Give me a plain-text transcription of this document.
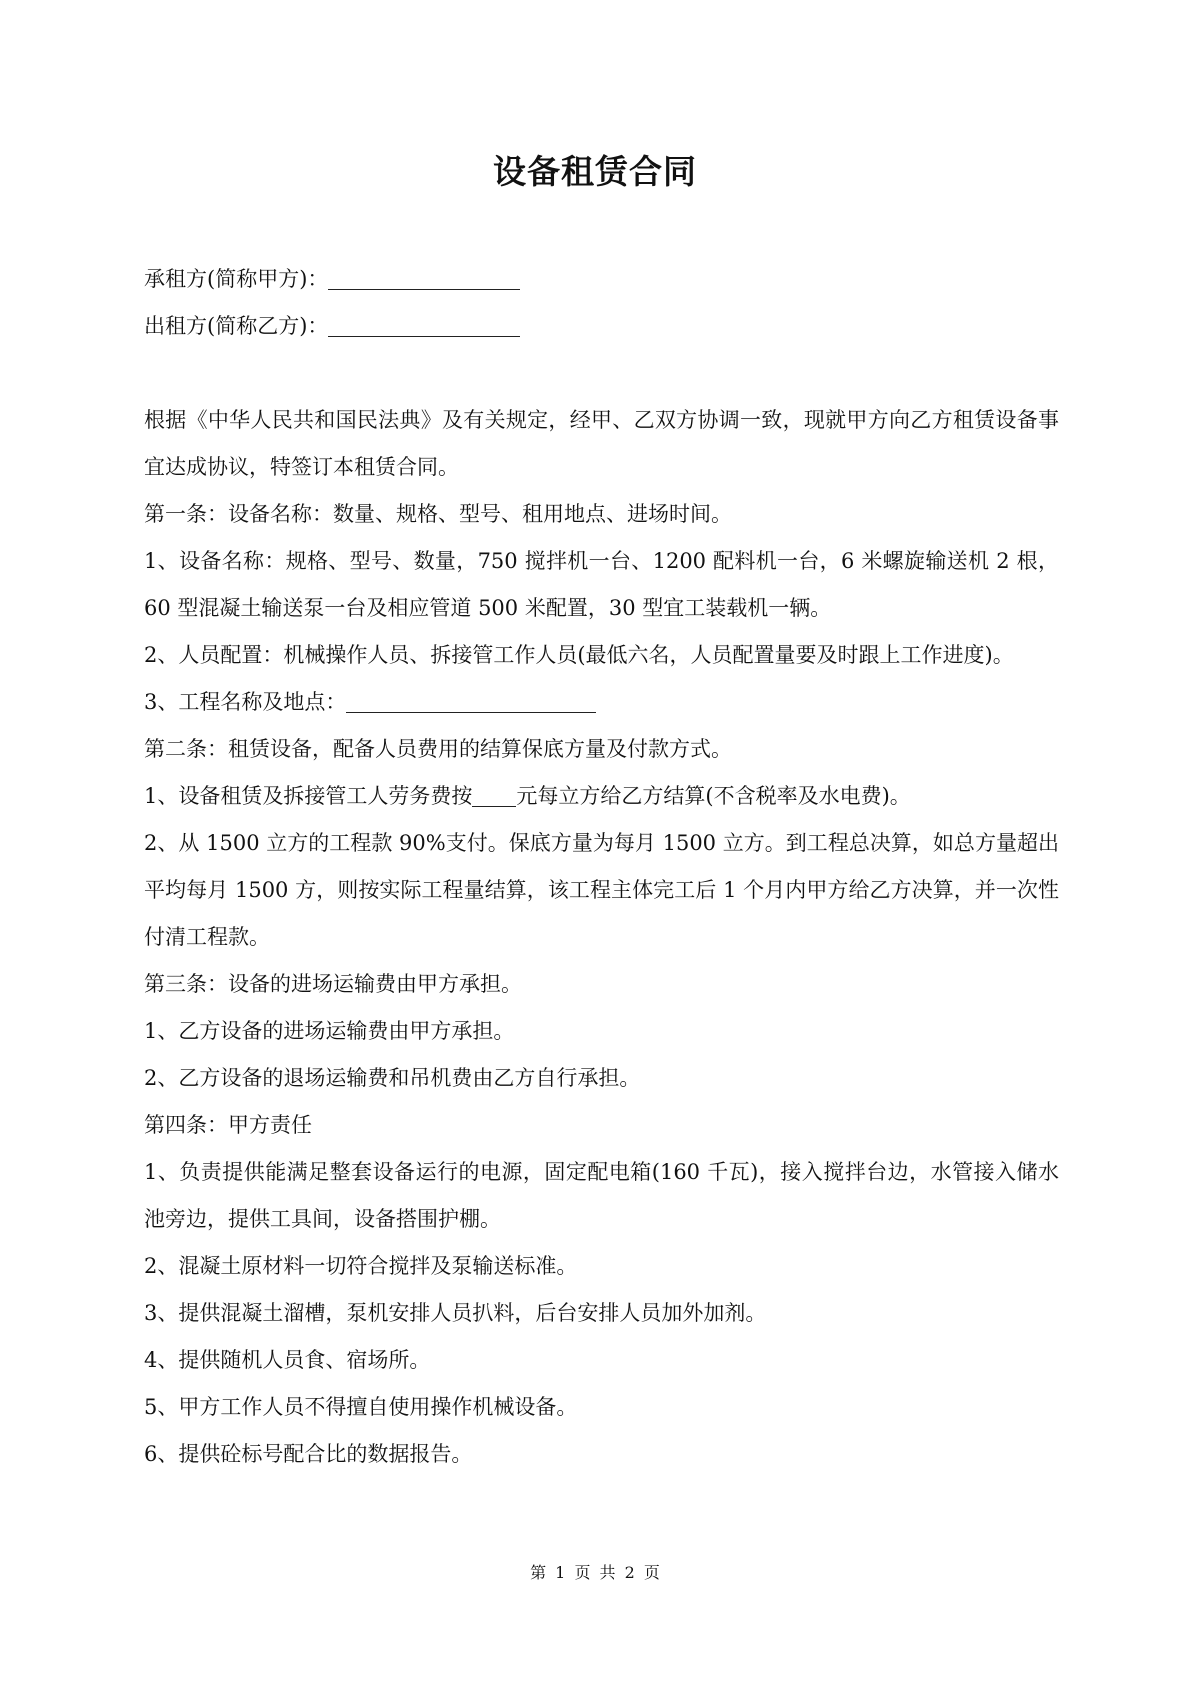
设备租赁合同

承租方(简称甲方)：

出租方(简称乙方)：

根据《中华人民共和国民法典》及有关规定，经甲、乙双方协调一致，现就甲方向乙方租赁设备事宜达成协议，特签订本租赁合同。

第一条：设备名称：数量、规格、型号、租用地点、进场时间。

1、设备名称：规格、型号、数量，750 搅拌机一台、1200 配料机一台，6 米螺旋输送机 2 根，60 型混凝土输送泵一台及相应管道 500 米配置，30 型宜工装载机一辆。

2、人员配置：机械操作人员、拆接管工作人员(最低六名，人员配置量要及时跟上工作进度)。

3、工程名称及地点：

第二条：租赁设备，配备人员费用的结算保底方量及付款方式。

1、设备租赁及拆接管工人劳务费按 元每立方给乙方结算(不含税率及水电费)。

2、从 1500 立方的工程款 90%支付。保底方量为每月 1500 立方。到工程总决算，如总方量超出平均每月 1500 方，则按实际工程量结算，该工程主体完工后 1 个月内甲方给乙方决算，并一次性付清工程款。

第三条：设备的进场运输费由甲方承担。

1、乙方设备的进场运输费由甲方承担。

2、乙方设备的退场运输费和吊机费由乙方自行承担。

第四条：甲方责任

1、负责提供能满足整套设备运行的电源，固定配电箱(160 千瓦)，接入搅拌台边，水管接入储水池旁边，提供工具间，设备搭围护棚。

2、混凝土原材料一切符合搅拌及泵输送标准。

3、提供混凝土溜槽，泵机安排人员扒料，后台安排人员加外加剂。

4、提供随机人员食、宿场所。

5、甲方工作人员不得擅自使用操作机械设备。

6、提供砼标号配合比的数据报告。

第 1 页 共 2 页
